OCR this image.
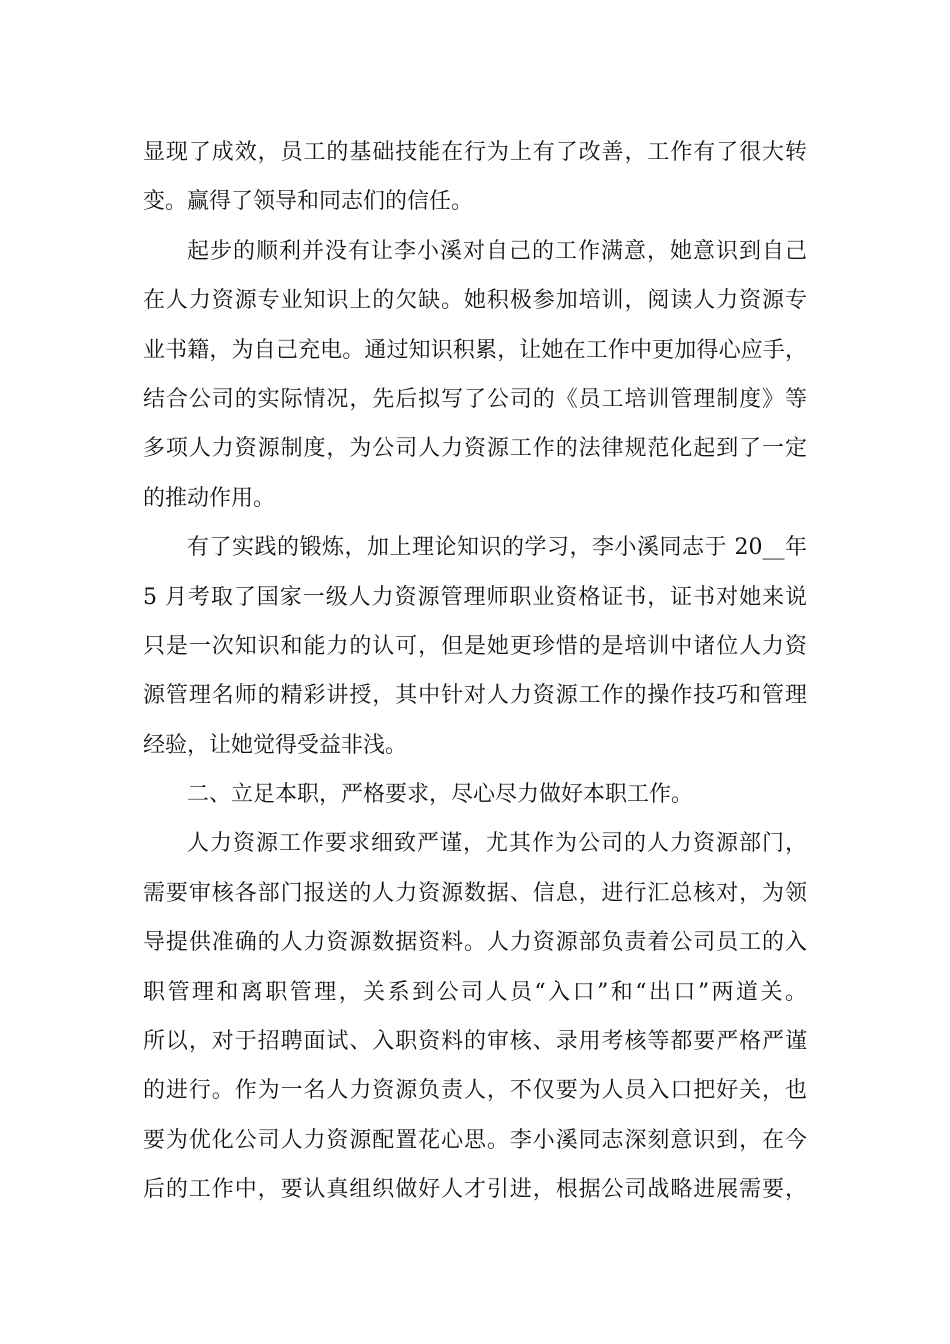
显现了成效，员工的基础技能在行为上有了改善，工作有了很大转
变。赢得了领导和同志们的信任。
起步的顺利并没有让李小溪对自己的工作满意，她意识到自己
在人力资源专业知识上的欠缺。她积极参加培训，阅读人力资源专
业书籍，为自己充电。通过知识积累，让她在工作中更加得心应手，
结合公司的实际情况，先后拟写了公司的《员工培训管理制度》等
多项人力资源制度，为公司人力资源工作的法律规范化起到了一定
的推动作用。
有了实践的锻炼，加上理论知识的学习，李小溪同志于 20__年
5 月考取了国家一级人力资源管理师职业资格证书，证书对她来说
只是一次知识和能力的认可，但是她更珍惜的是培训中诸位人力资
源管理名师的精彩讲授，其中针对人力资源工作的操作技巧和管理
经验，让她觉得受益非浅。
二、立足本职，严格要求，尽心尽力做好本职工作。
人力资源工作要求细致严谨，尤其作为公司的人力资源部门，
需要审核各部门报送的人力资源数据、信息，进行汇总核对，为领
导提供准确的人力资源数据资料。人力资源部负责着公司员工的入
职管理和离职管理，关系到公司人员“入口”和“出口”两道关。
所以，对于招聘面试、入职资料的审核、录用考核等都要严格严谨
的进行。作为一名人力资源负责人，不仅要为人员入口把好关，也
要为优化公司人力资源配置花心思。李小溪同志深刻意识到，在今
后的工作中，要认真组织做好人才引进，根据公司战略进展需要，
